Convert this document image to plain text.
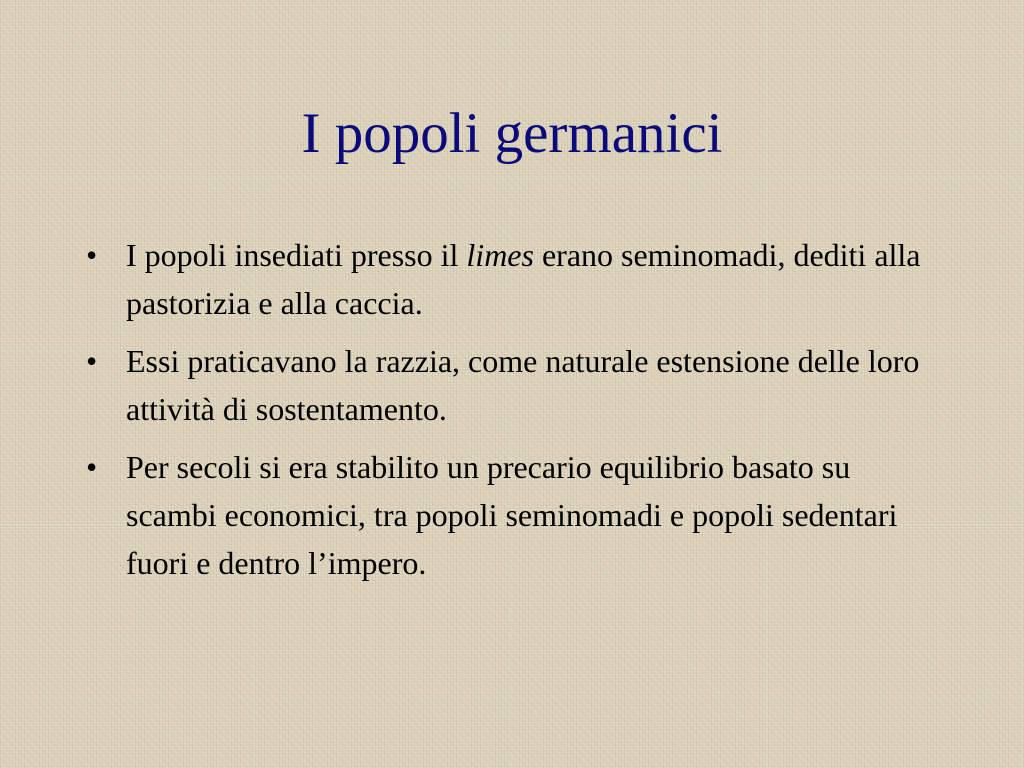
I popoli germanici
• I popoli insediati presso il limes erano seminomadi, dediti alla pastorizia e alla caccia.
• Essi praticavano la razzia, come naturale estensione delle loro attività di sostentamento.
• Per secoli si era stabilito un precario equilibrio basato su scambi economici, tra popoli seminomadi e popoli sedentari fuori e dentro l’impero.
